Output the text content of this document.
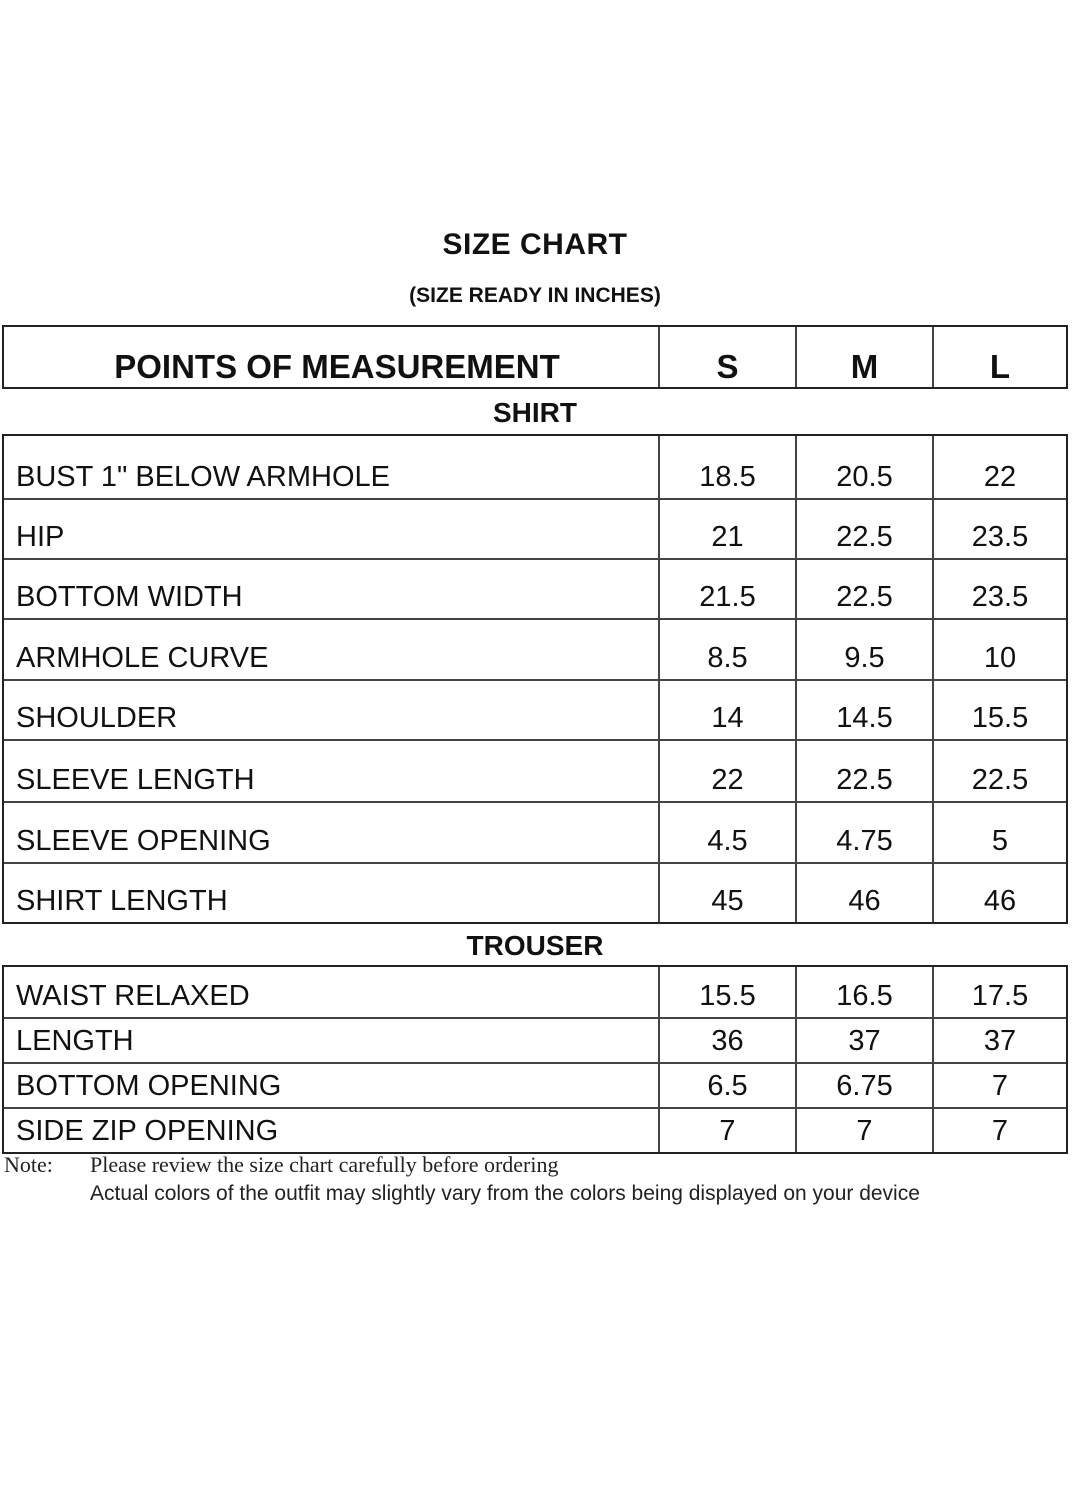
SIZE CHART
(SIZE READY IN INCHES)
POINTS OF MEASUREMENT	S	M	L
SHIRT
BUST 1" BELOW ARMHOLE	18.5	20.5	22
HIP	21	22.5	23.5
BOTTOM WIDTH	21.5	22.5	23.5
ARMHOLE CURVE	8.5	9.5	10
SHOULDER	14	14.5	15.5
SLEEVE LENGTH	22	22.5	22.5
SLEEVE OPENING	4.5	4.75	5
SHIRT LENGTH	45	46	46
TROUSER
WAIST RELAXED	15.5	16.5	17.5
LENGTH	36	37	37
BOTTOM OPENING	6.5	6.75	7
SIDE ZIP OPENING	7	7	7
Note: Please review the size chart carefully before ordering
Actual colors of the outfit may slightly vary from the colors being displayed on your device
